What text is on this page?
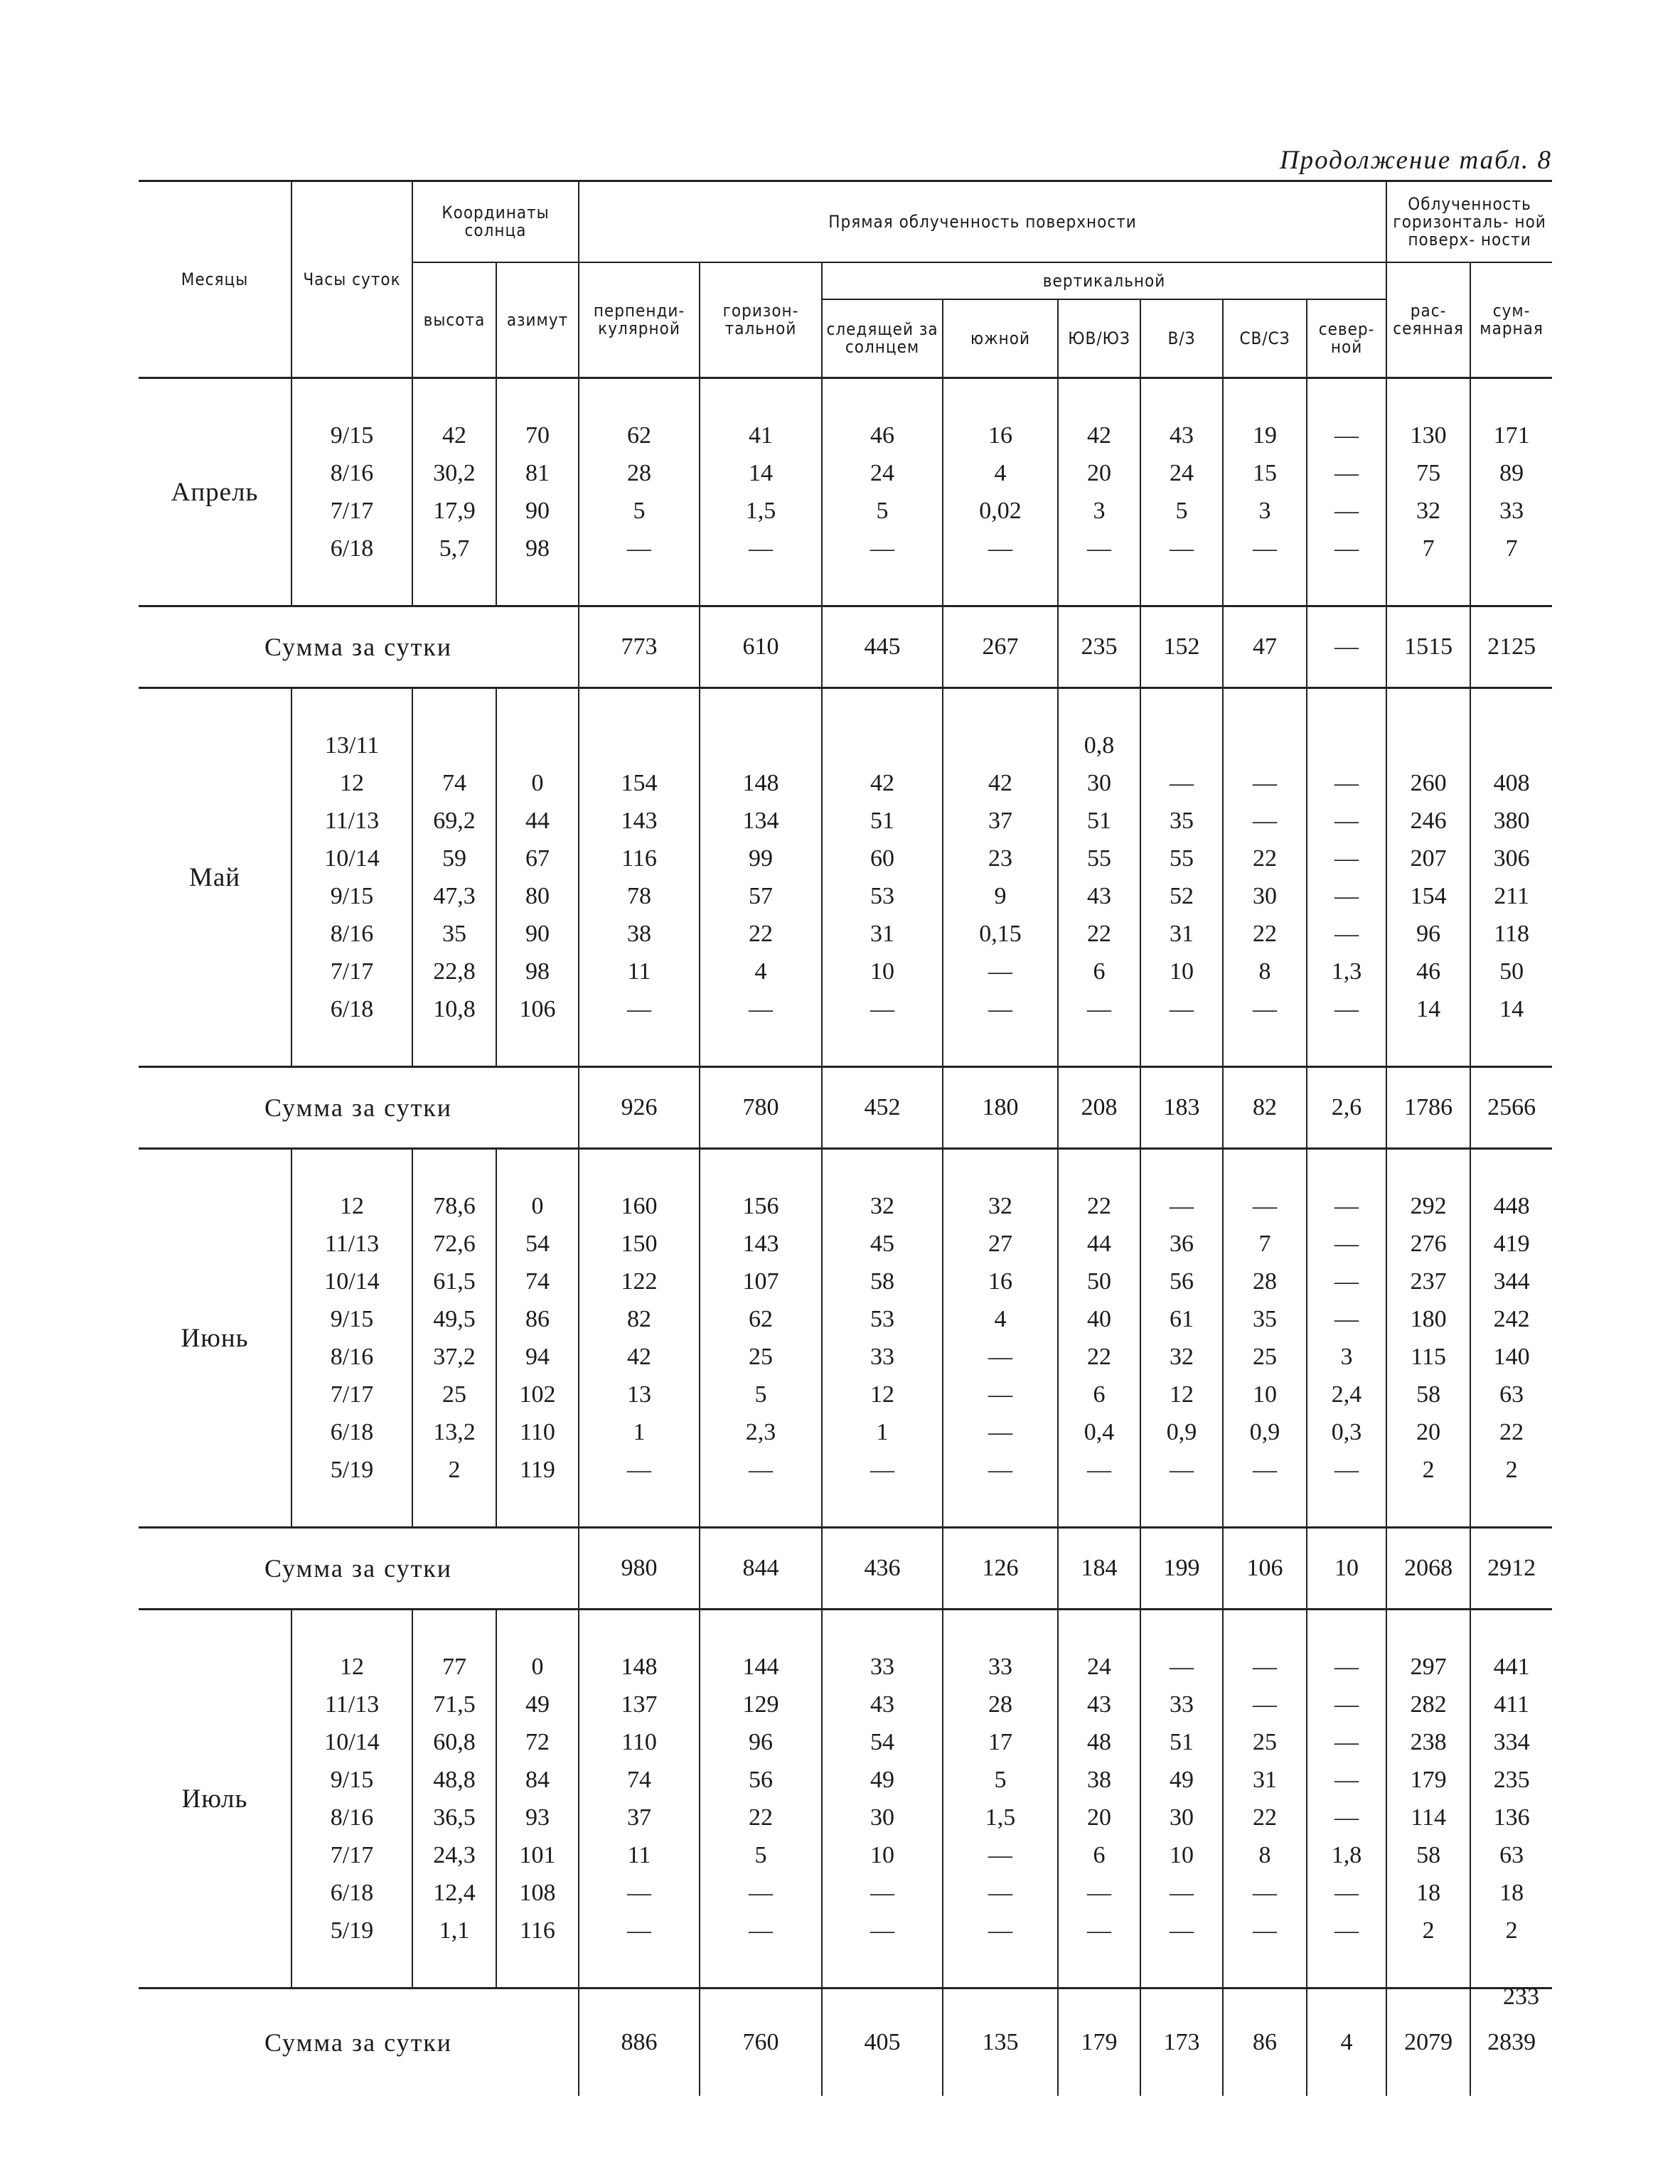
Продолжение табл. 8
Месяцы	Часы суток	Координаты солнца		Прямая облученность поверхности								Облученность горизонталь- ной поверх- ности	
		высота	азимут	перпенди- кулярной	горизон- тальной	вертикальной						рас- сеянная	сум- марная
						следящей за солнцем	южной	ЮВ/ЮЗ	В/З	СВ/СЗ	север- ной		

Апрель	9/15	42	70	62	41	46	16	42	43	19	—	130	171
	8/16	30,2	81	28	14	24	4	20	24	15	—	75	89
	7/17	17,9	90	5	1,5	5	0,02	3	5	3	—	32	33
	6/18	5,7	98	—	—	—	—	—	—	—	—	7	7

Сумма за сутки				773	610	445	267	235	152	47	—	1515	2125

Май	13/11							0,8					
	12	74	0	154	148	42	42	30	—	—	—	260	408
	11/13	69,2	44	143	134	51	37	51	35	—	—	246	380
	10/14	59	67	116	99	60	23	55	55	22	—	207	306
	9/15	47,3	80	78	57	53	9	43	52	30	—	154	211
	8/16	35	90	38	22	31	0,15	22	31	22	—	96	118
	7/17	22,8	98	11	4	10	—	6	10	8	1,3	46	50
	6/18	10,8	106	—	—	—	—	—	—	—	—	14	14

Сумма за сутки				926	780	452	180	208	183	82	2,6	1786	2566

Июнь	12	78,6	0	160	156	32	32	22	—	—	—	292	448
	11/13	72,6	54	150	143	45	27	44	36	7	—	276	419
	10/14	61,5	74	122	107	58	16	50	56	28	—	237	344
	9/15	49,5	86	82	62	53	4	40	61	35	—	180	242
	8/16	37,2	94	42	25	33	—	22	32	25	3	115	140
	7/17	25	102	13	5	12	—	6	12	10	2,4	58	63
	6/18	13,2	110	1	2,3	1	—	0,4	0,9	0,9	0,3	20	22
	5/19	2	119	—	—	—	—	—	—	—	—	2	2

Сумма за сутки				980	844	436	126	184	199	106	10	2068	2912

Июль	12	77	0	148	144	33	33	24	—	—	—	297	441
	11/13	71,5	49	137	129	43	28	43	33	—	—	282	411
	10/14	60,8	72	110	96	54	17	48	51	25	—	238	334
	9/15	48,8	84	74	56	49	5	38	49	31	—	179	235
	8/16	36,5	93	37	22	30	1,5	20	30	22	—	114	136
	7/17	24,3	101	11	5	10	—	6	10	8	1,8	58	63
	6/18	12,4	108	—	—	—	—	—	—	—	—	18	18
	5/19	1,1	116	—	—	—	—	—	—	—	—	2	2

Сумма за сутки				886	760	405	135	179	173	86	4	2079	2839
233
